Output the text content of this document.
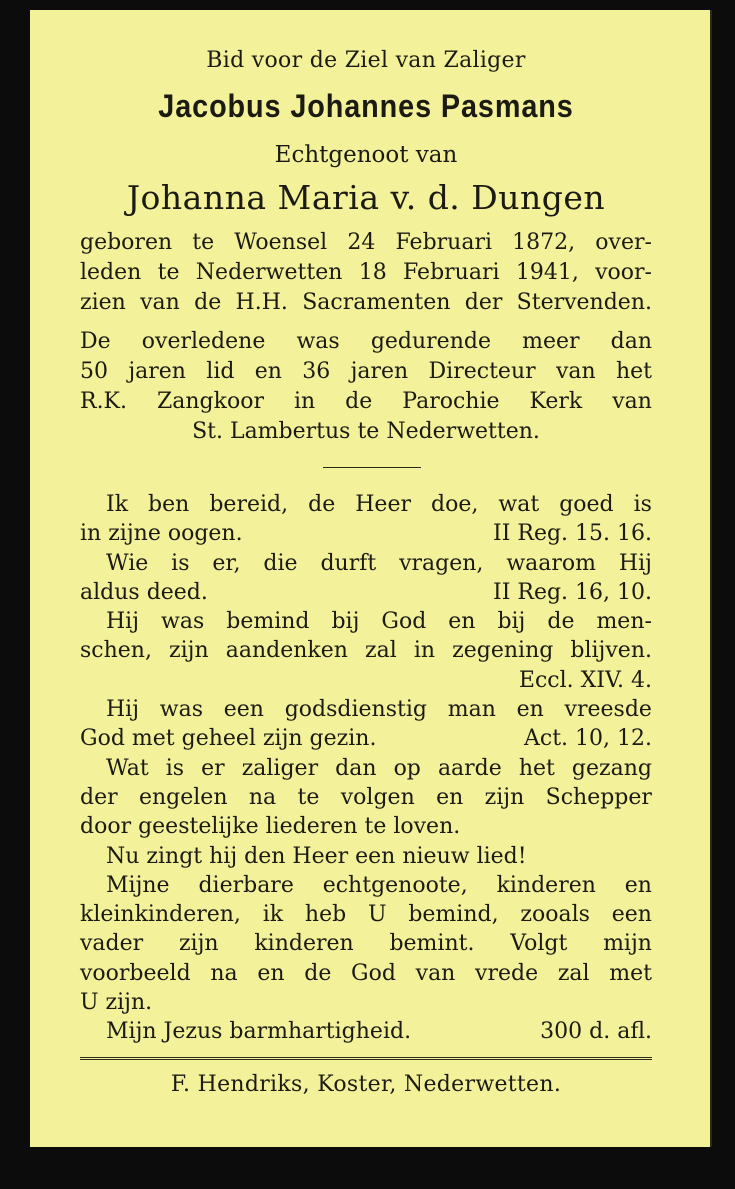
Bid voor de Ziel van Zaliger
Jacobus Johannes Pasmans
Echtgenoot van
Johanna Maria v. d. Dungen
geboren te Woensel 24 Februari 1872, over-
leden te Nederwetten 18 Februari 1941, voor-
zien van de H.H. Sacramenten der Stervenden.
De overledene was gedurende meer dan
50 jaren lid en 36 jaren Directeur van het
R.K. Zangkoor in de Parochie Kerk van
St. Lambertus te Nederwetten.
Ik ben bereid, de Heer doe, wat goed is
in zijne oogen.	II Reg. 15. 16.
Wie is er, die durft vragen, waarom Hij
aldus deed.	II Reg. 16, 10.
Hij was bemind bij God en bij de men-
schen, zijn aandenken zal in zegening blijven.
Eccl. XIV. 4.
Hij was een godsdienstig man en vreesde
God met geheel zijn gezin.	Act. 10, 12.
Wat is er zaliger dan op aarde het gezang
der engelen na te volgen en zijn Schepper
door geestelijke liederen te loven.
Nu zingt hij den Heer een nieuw lied!
Mijne dierbare echtgenoote, kinderen en
kleinkinderen, ik heb U bemind, zooals een
vader zijn kinderen bemint. Volgt mijn
voorbeeld na en de God van vrede zal met
U zijn.
Mijn Jezus barmhartigheid.	300 d. afl.
F. Hendriks, Koster, Nederwetten.
